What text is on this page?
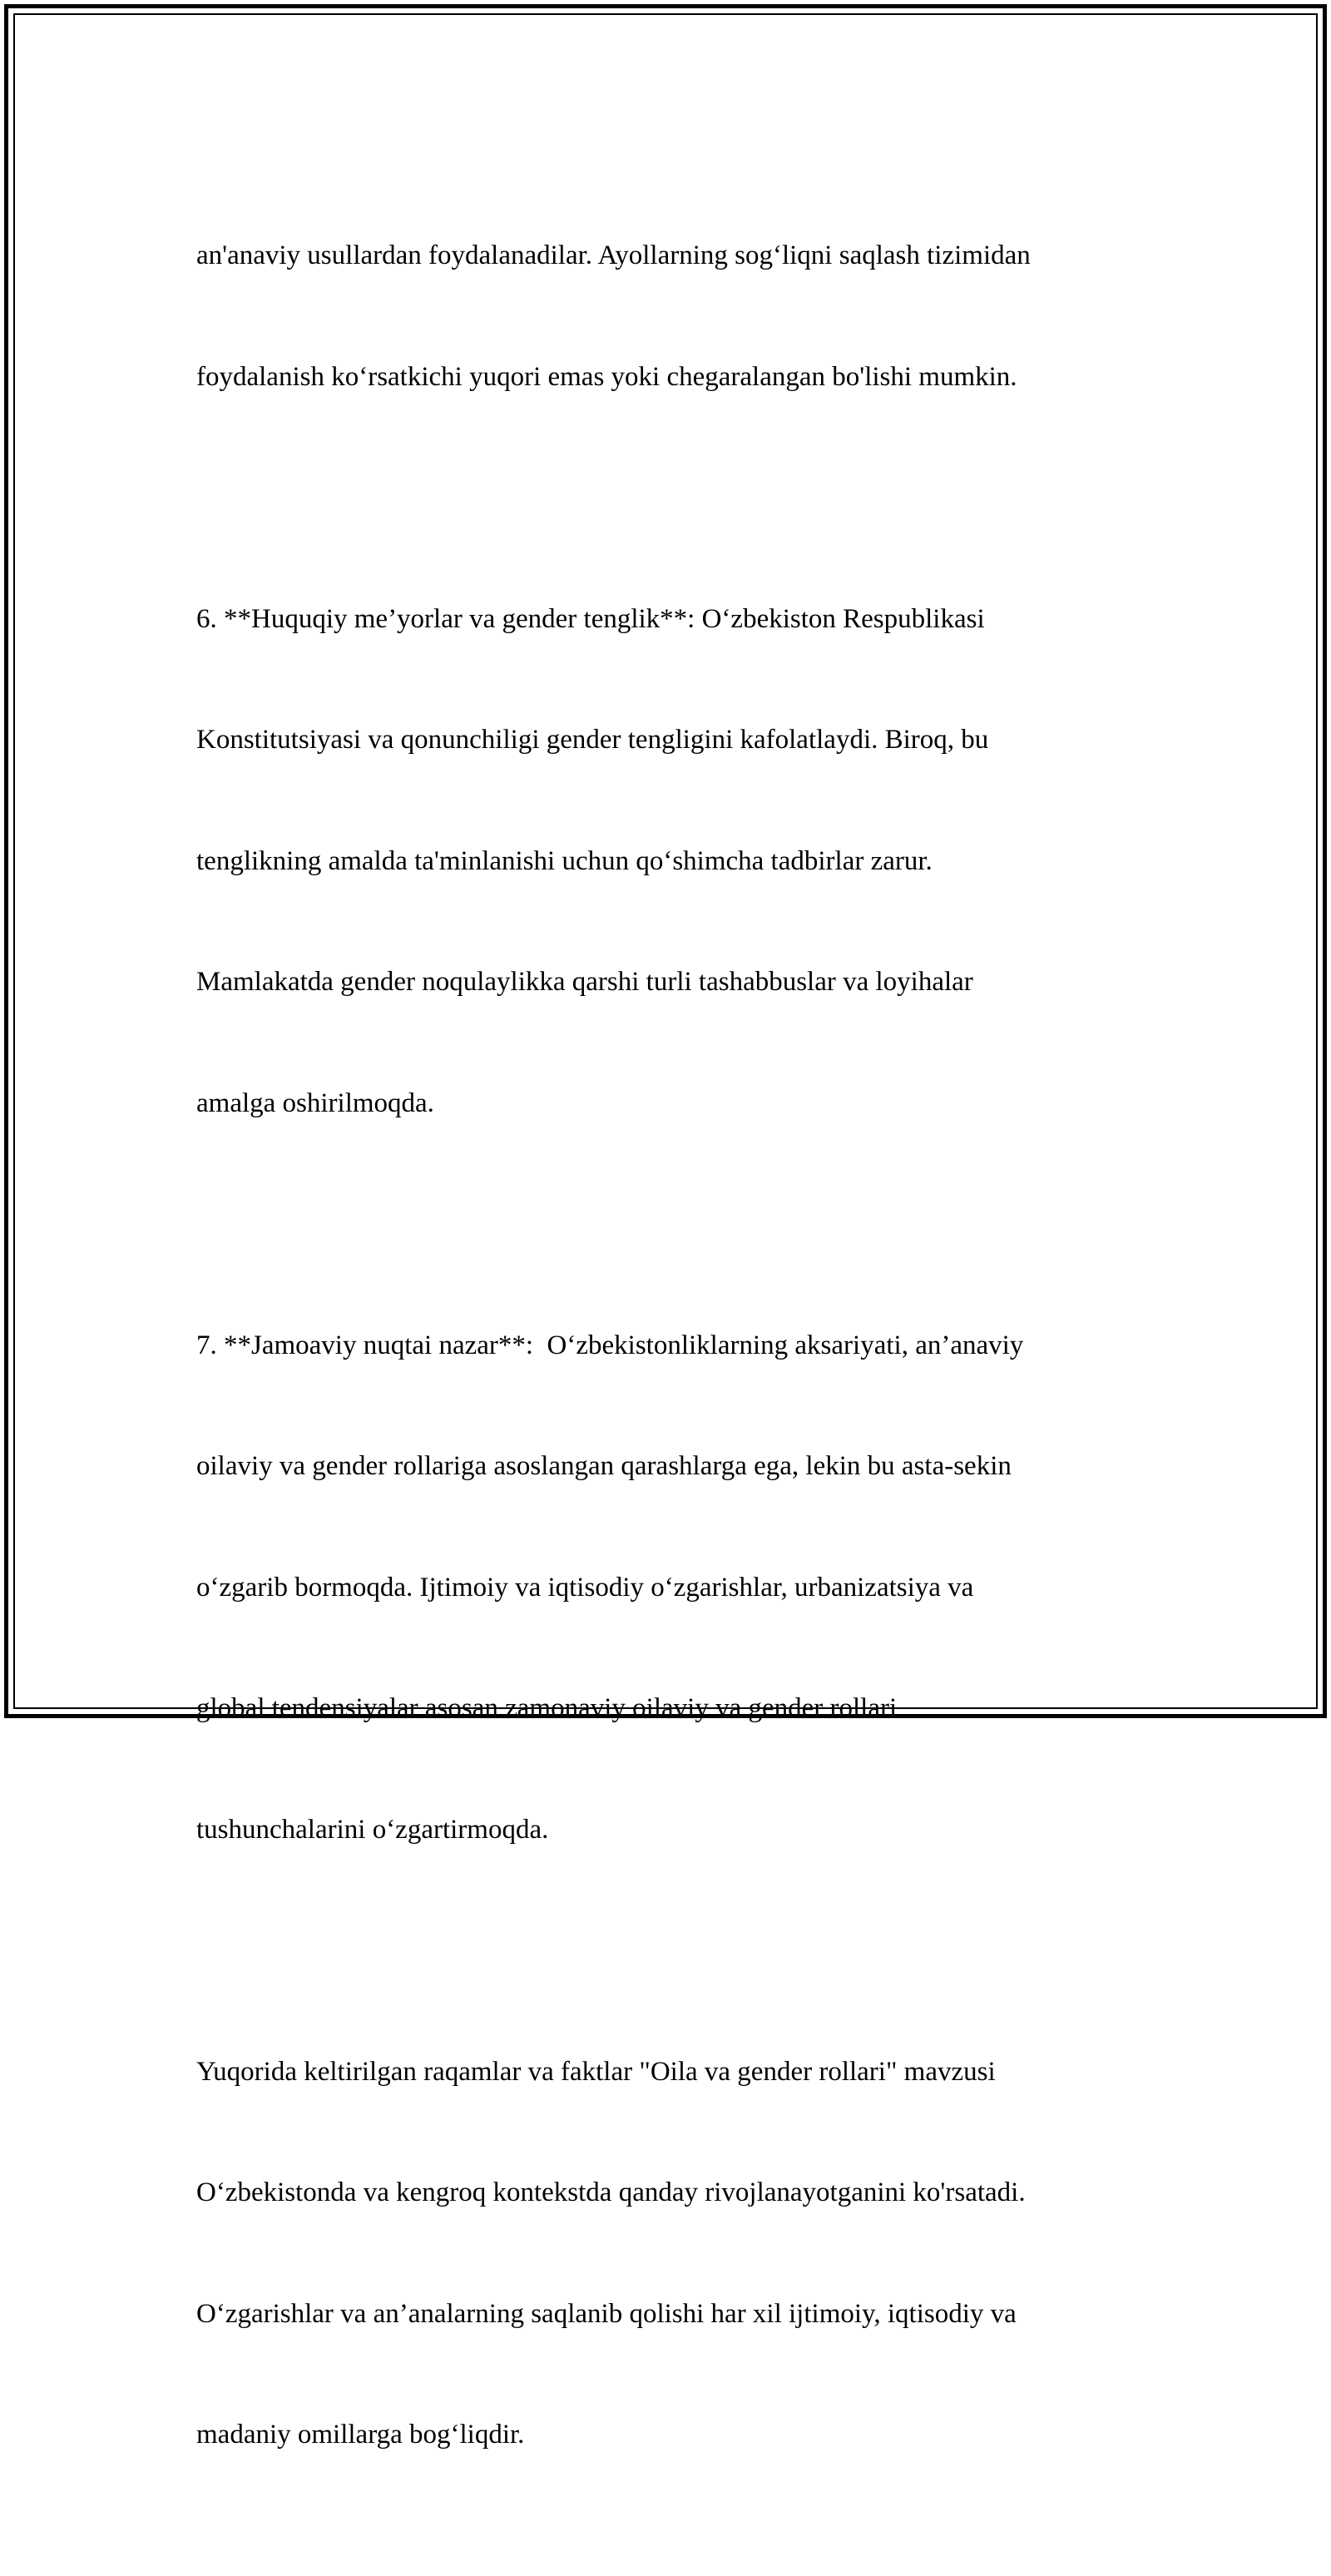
an'anaviy usullardan foydalanadilar. Ayollarning sog‘liqni saqlash tizimidan

foydalanish ko‘rsatkichi yuqori emas yoki chegaralangan bo'lishi mumkin.

6. **Huquqiy me’yorlar va gender tenglik**: O‘zbekiston Respublikasi

Konstitutsiyasi va qonunchiligi gender tengligini kafolatlaydi. Biroq, bu

tenglikning amalda ta'minlanishi uchun qo‘shimcha tadbirlar zarur.

Mamlakatda gender noqulaylikka qarshi turli tashabbuslar va loyihalar

amalga oshirilmoqda.

7. **Jamoaviy nuqtai nazar**:  O‘zbekistonliklarning aksariyati, an’anaviy

oilaviy va gender rollariga asoslangan qarashlarga ega, lekin bu asta-sekin

o‘zgarib bormoqda. Ijtimoiy va iqtisodiy o‘zgarishlar, urbanizatsiya va

global tendensiyalar asosan zamonaviy oilaviy va gender rollari

tushunchalarini o‘zgartirmoqda.

Yuqorida keltirilgan raqamlar va faktlar "Oila va gender rollari" mavzusi

O‘zbekistonda va kengroq kontekstda qanday rivojlanayotganini ko'rsatadi.

O‘zgarishlar va an’analarning saqlanib qolishi har xil ijtimoiy, iqtisodiy va

madaniy omillarga bog‘liqdir.
